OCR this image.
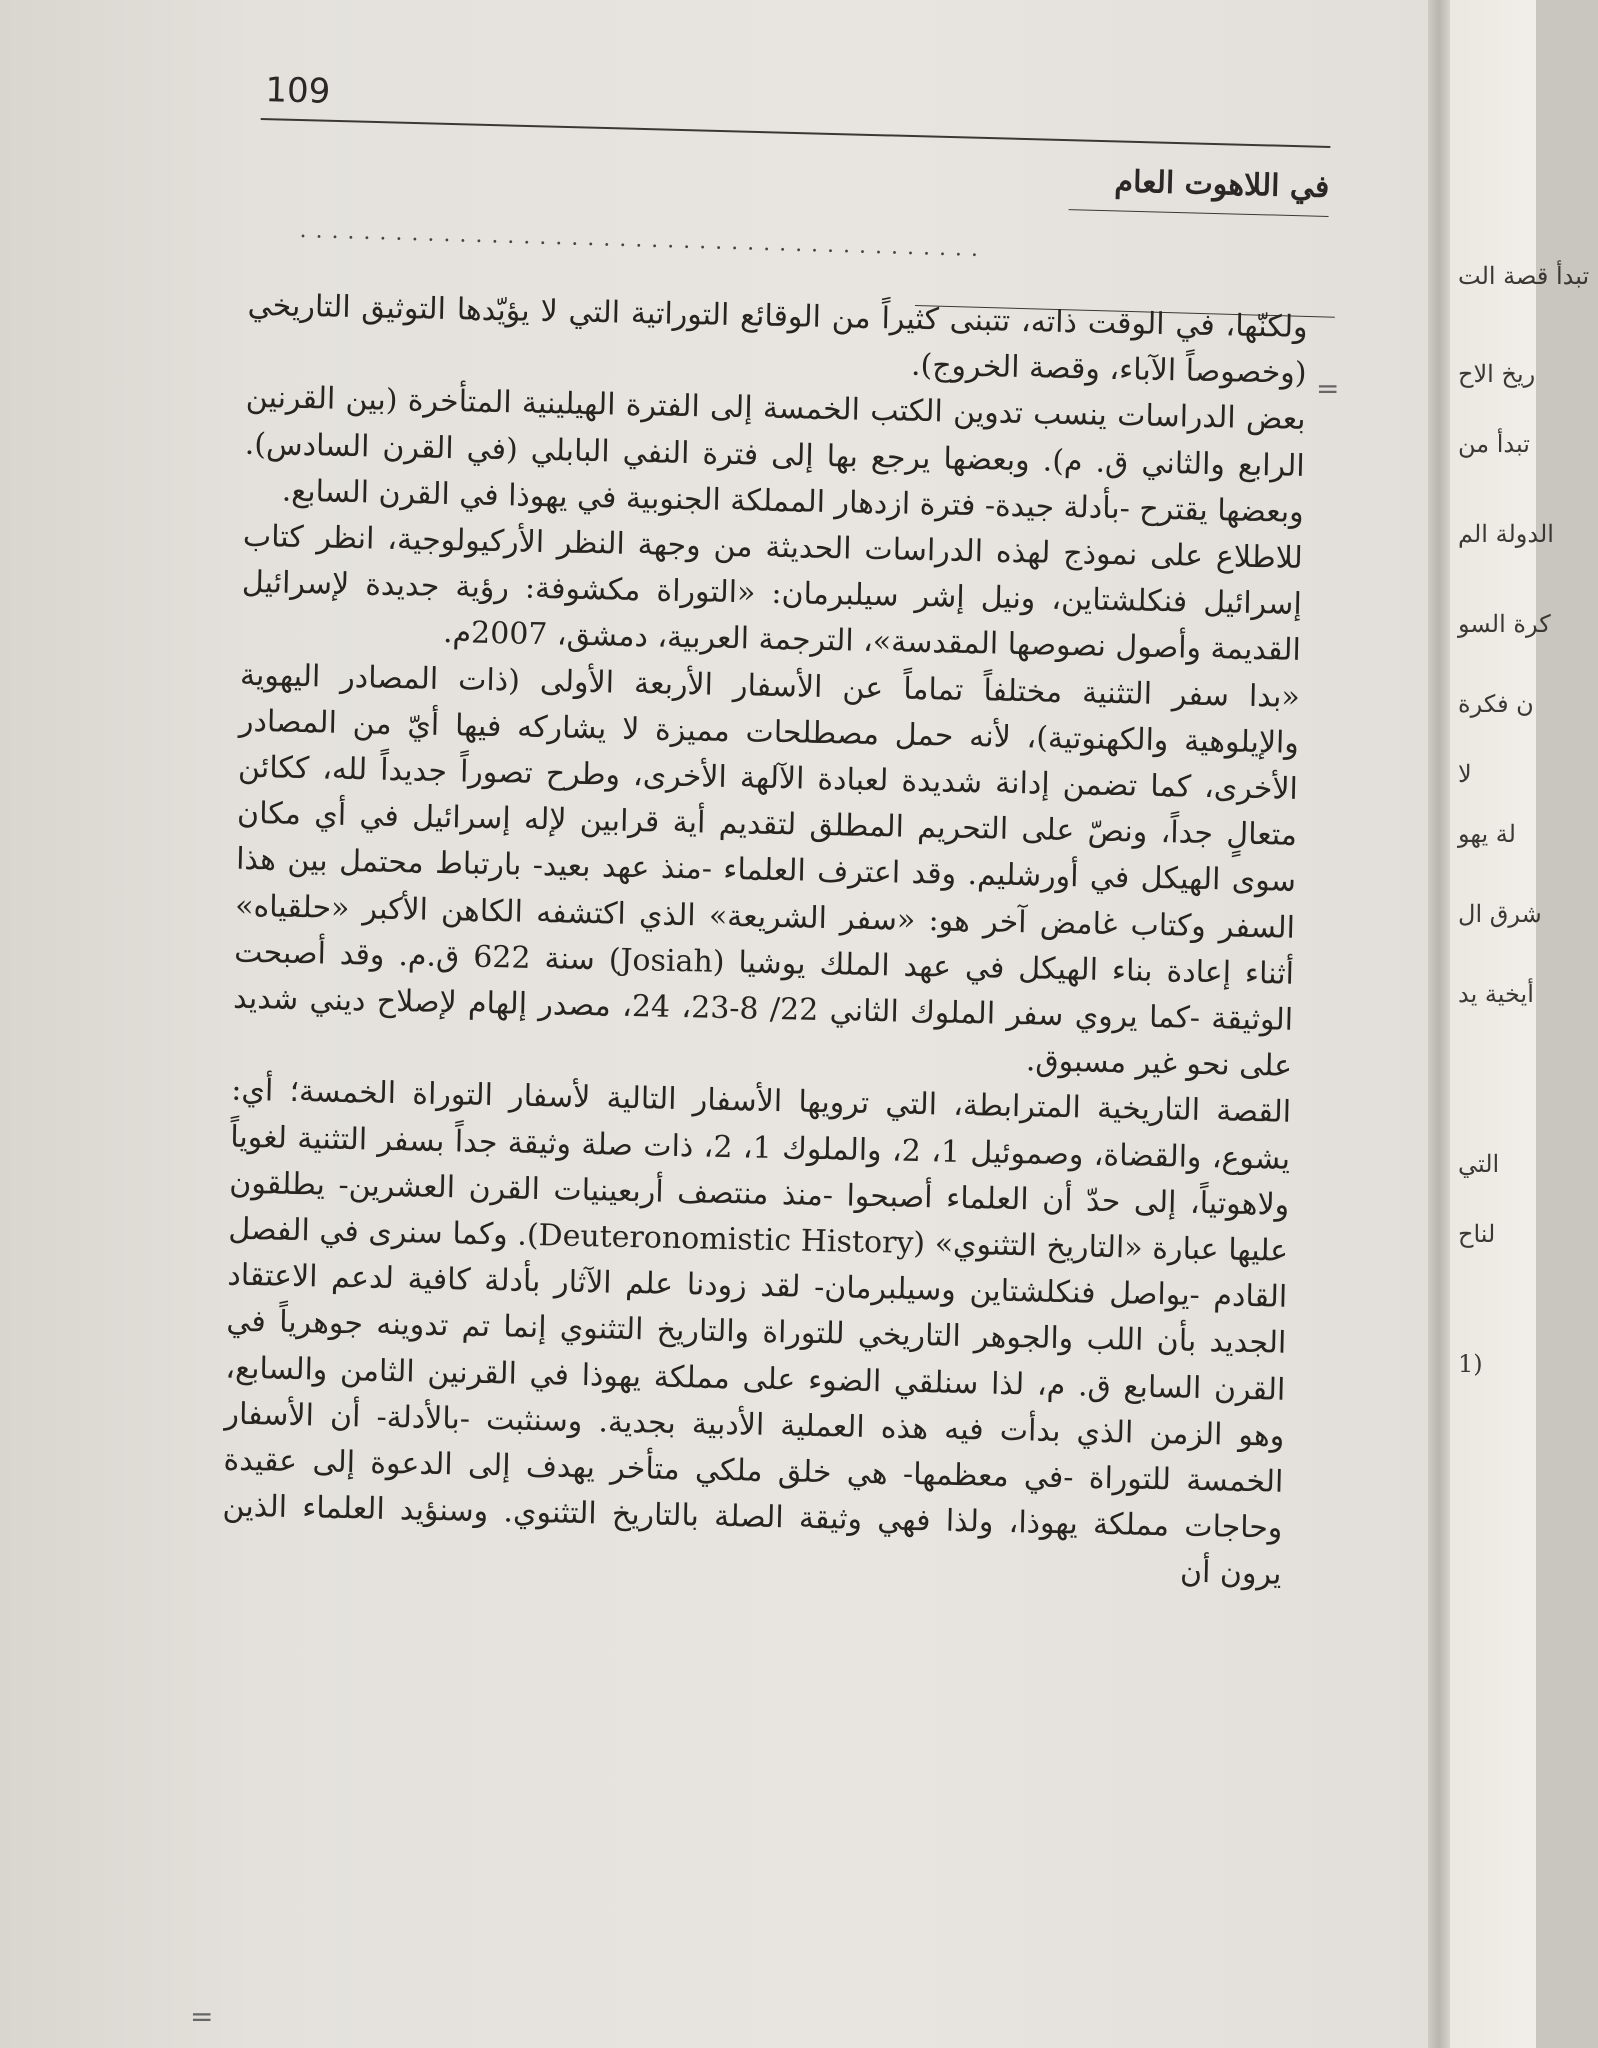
109
في اللاهوت العام
...........................................

ولكنّها، في الوقت ذاته، تتبنى كثيراً من الوقائع التوراتية التي لا يؤيّدها التوثيق التاريخي (وخصوصاً الآباء، وقصة الخروج).

بعض الدراسات ينسب تدوين الكتب الخمسة إلى الفترة الهيلينية المتأخرة (بين القرنين الرابع والثاني ق. م). وبعضها يرجع بها إلى فترة النفي البابلي (في القرن السادس). وبعضها يقترح -بأدلة جيدة- فترة ازدهار المملكة الجنوبية في يهوذا في القرن السابع.

للاطلاع على نموذج لهذه الدراسات الحديثة من وجهة النظر الأركيولوجية، انظر كتاب إسرائيل فنكلشتاين، ونيل إشر سيلبرمان: «التوراة مكشوفة: رؤية جديدة لإسرائيل القديمة وأصول نصوصها المقدسة»، الترجمة العربية، دمشق، 2007م.

«بدا سفر التثنية مختلفاً تماماً عن الأسفار الأربعة الأولى (ذات المصادر اليهوية والإيلوهية والكهنوتية)، لأنه حمل مصطلحات مميزة لا يشاركه فيها أيّ من المصادر الأخرى، كما تضمن إدانة شديدة لعبادة الآلهة الأخرى، وطرح تصوراً جديداً لله، ككائن متعالٍ جداً، ونصّ على التحريم المطلق لتقديم أية قرابين لإله إسرائيل في أي مكان سوى الهيكل في أورشليم. وقد اعترف العلماء -منذ عهد بعيد- بارتباط محتمل بين هذا السفر وكتاب غامض آخر هو: «سفر الشريعة» الذي اكتشفه الكاهن الأكبر «حلقياه» أثناء إعادة بناء الهيكل في عهد الملك يوشيا (Josiah) سنة 622 ق.م. وقد أصبحت الوثيقة -كما يروي سفر الملوك الثاني 22/ 8-23، 24، مصدر إلهام لإصلاح ديني شديد على نحو غير مسبوق.

القصة التاريخية المترابطة، التي ترويها الأسفار التالية لأسفار التوراة الخمسة؛ أي: يشوع، والقضاة، وصموئيل 1، 2، والملوك 1، 2، ذات صلة وثيقة جداً بسفر التثنية لغوياً ولاهوتياً، إلى حدّ أن العلماء أصبحوا -منذ منتصف أربعينيات القرن العشرين- يطلقون عليها عبارة «التاريخ التثنوي» (Deuteronomistic History). وكما سنرى في الفصل القادم -يواصل فنكلشتاين وسيلبرمان- لقد زودنا علم الآثار بأدلة كافية لدعم الاعتقاد الجديد بأن اللب والجوهر التاريخي للتوراة والتاريخ التثنوي إنما تم تدوينه جوهرياً في القرن السابع ق. م، لذا سنلقي الضوء على مملكة يهوذا في القرنين الثامن والسابع، وهو الزمن الذي بدأت فيه هذه العملية الأدبية بجدية. وسنثبت -بالأدلة- أن الأسفار الخمسة للتوراة -في معظمها- هي خلق ملكي متأخر يهدف إلى الدعوة إلى عقيدة وحاجات مملكة يهوذا، ولذا فهي وثيقة الصلة بالتاريخ التثنوي. وسنؤيد العلماء الذين يرون أن

=
=
تبدأ قصة الت
ريخ الاح
تبدأ من
الدولة الم
كرة السو
ن فكرة
لا
لة يهو
شرق ال
أيخية يد
التي
لناح
(1
